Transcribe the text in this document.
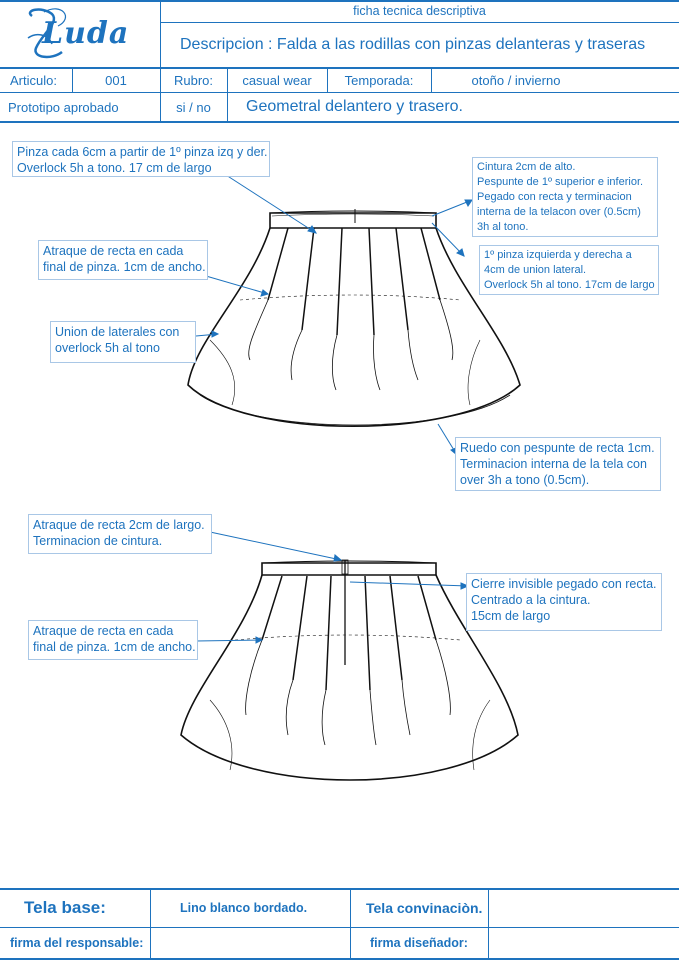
Luda
ficha tecnica descriptiva
Descripcion : Falda a las rodillas con pinzas delanteras y traseras
Articulo:	001	Rubro:	casual wear	Temporada:	otoño / invierno
Prototipo aprobado	si / no	Geometral delantero y trasero.
Pinza cada 6cm a partir de 1º pinza izq y der.
Overlock 5h a tono. 17 cm de largo	Cintura 2cm de alto.
Pespunte de 1º superior e inferior.
Pegado con recta y terminacion
interna de la telacon over (0.5cm)
3h al tono.
Atraque de recta en cada
final de pinza. 1cm de ancho.
1º pinza izquierda y derecha a
4cm de union lateral.
Overlock 5h al tono. 17cm de largo
Union de laterales con
overlock 5h al tono
Ruedo con pespunte de recta 1cm.
Terminacion interna de la tela con
over 3h a tono (0.5cm).
Atraque de recta 2cm de largo.
Terminacion de cintura.
Cierre invisible pegado con recta.
Centrado a la cintura.
15cm de largo
Atraque de recta en cada
final de pinza. 1cm de ancho.
Tela base:	Lino blanco bordado.	Tela convinaciòn.
firma del responsable:	firma diseñador:
